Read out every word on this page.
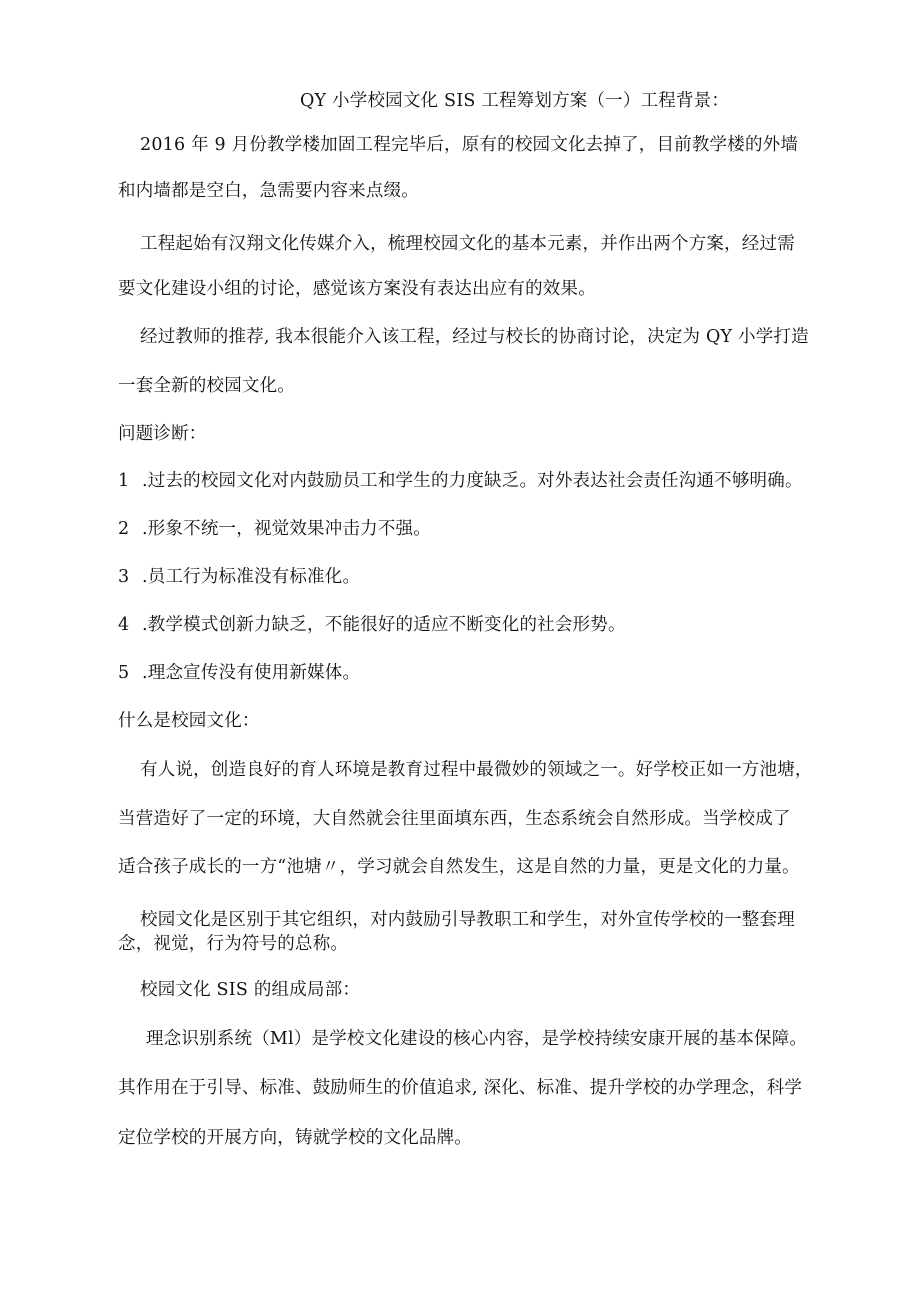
QY 小学校园文化 SIS 工程筹划方案（一）工程背景：
2016 年 9 月份教学楼加固工程完毕后，原有的校园文化去掉了，目前教学楼的外墙
和内墙都是空白，急需要内容来点缀。
工程起始有汉翔文化传媒介入，梳理校园文化的基本元素，并作出两个方案，经过需
要文化建设小组的讨论，感觉该方案没有表达出应有的效果。
经过教师的推荐, 我本很能介入该工程，经过与校长的协商讨论，决定为 QY 小学打造
一套全新的校园文化。
问题诊断：
1 .过去的校园文化对内鼓励员工和学生的力度缺乏。对外表达社会责任沟通不够明确。
2 .形象不统一，视觉效果冲击力不强。
3 .员工行为标准没有标准化。
4 .教学模式创新力缺乏，不能很好的适应不断变化的社会形势。
5 .理念宣传没有使用新媒体。
什么是校园文化：
有人说，创造良好的育人环境是教育过程中最微妙的领域之一。好学校正如一方池塘，
当营造好了一定的环境，大自然就会往里面填东西，生态系统会自然形成。当学校成了
适合孩子成长的一方“池塘〃，学习就会自然发生，这是自然的力量，更是文化的力量。
校园文化是区别于其它组织，对内鼓励引导教职工和学生，对外宣传学校的一整套理
念，视觉，行为符号的总称。
校园文化 SIS 的组成局部：
理念识别系统（Ml）是学校文化建设的核心内容，是学校持续安康开展的基本保障。
其作用在于引导、标准、鼓励师生的价值追求, 深化、标准、提升学校的办学理念，科学
定位学校的开展方向，铸就学校的文化品牌。
